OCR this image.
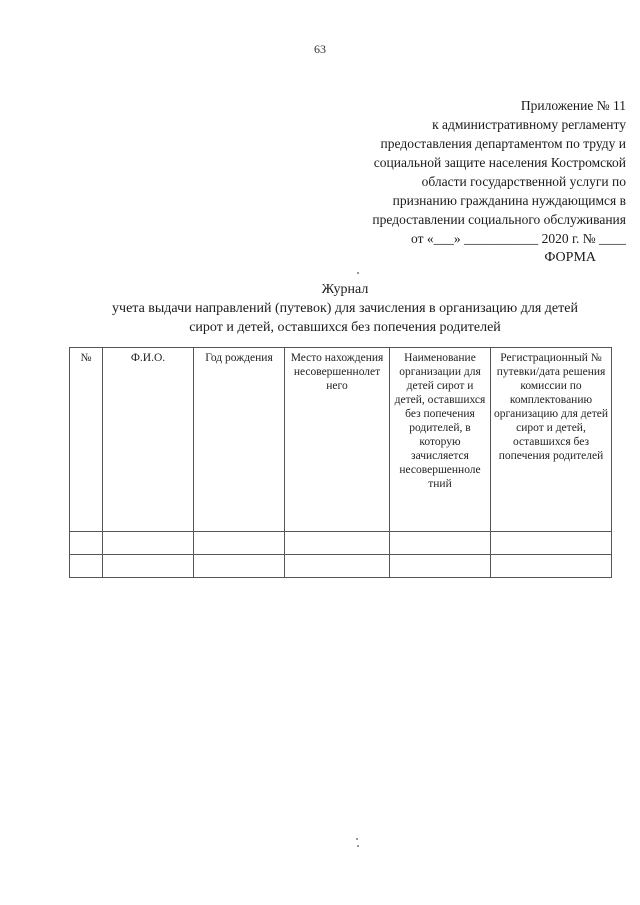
63
Приложение № 11
к административному регламенту
предоставления департаментом по труду и
социальной защите населения Костромской
области государственной услуги по
признанию гражданина нуждающимся в
предоставлении социального обслуживания
от «___» ___________ 2020 г. № ____
ФОРМА
Журнал
учета выдачи направлений (путевок) для зачисления в организацию для детей
сирот и детей, оставшихся без попечения родителей
№	Ф.И.О.	Год рождения	Место нахождения несовершеннолет него	Наименование организации для детей сирот и детей, оставшихся без попечения родителей, в которую зачисляется несовершенноле тний	Регистрационный № путевки/дата решения комиссии по комплектованию организацию для детей сирот и детей, оставшихся без попечения родителей
